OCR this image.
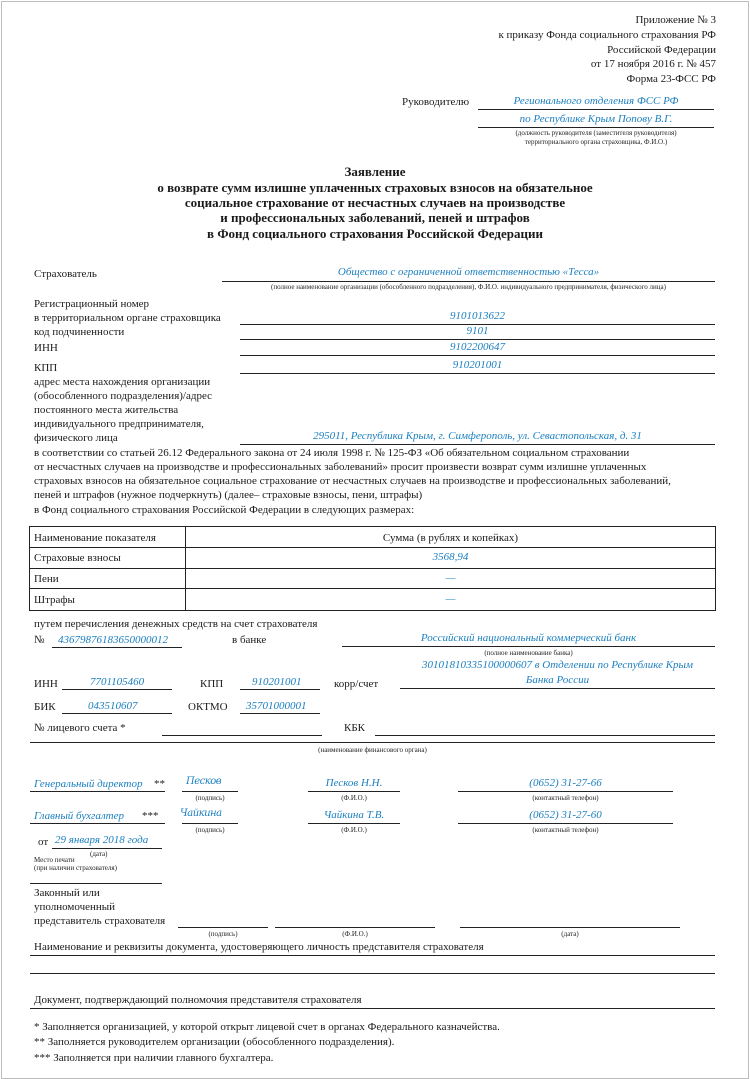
Приложение № 3
к приказу Фонда социального страхования РФ
Российской Федерации
от 17 ноября 2016 г. № 457
Форма 23-ФСС РФ
Руководителю	Регионального отделения ФСС РФ
по Республике Крым Попову В.Г.
(должность руководителя (заместителя руководителя)
территориального органа страховщика, Ф.И.О.)
Заявление
о возврате сумм излишне уплаченных страховых взносов на обязательное
социальное страхование от несчастных случаев на производстве
и профессиональных заболеваний, пеней и штрафов
в Фонд социального страхования Российской Федерации
Страхователь	Общество с ограниченной ответственностью «Тесса»
(полное наименование организации (обособленного подразделения), Ф.И.О. индивидуального предпринимателя, физического лица)
Регистрационный номер
в территориальном органе страховщика	9101013622
код подчиненности	9101
ИНН	9102200647
КПП	910201001
адрес места нахождения организации
(обособленного подразделения)/адрес
постоянного места жительства
индивидуального предпринимателя,
физического лица	295011, Республика Крым, г. Симферополь, ул. Севастопольская, д. 31
в соответствии со статьей 26.12 Федерального закона от 24 июля 1998 г. № 125-ФЗ «Об обязательном социальном страховании
от несчастных случаев на производстве и профессиональных заболеваний» просит произвести возврат сумм излишне уплаченных
страховых взносов на обязательное социальное страхование от несчастных случаев на производстве и профессиональных заболеваний,
пеней и штрафов (нужное подчеркнуть) (далее– страховые взносы, пени, штрафы)
в Фонд социального страхования Российской Федерации в следующих размерах:
Наименование показателя	Сумма (в рублях и копейках)
Страховые взносы	3568,94
Пени	—
Штрафы	—
путем перечисления денежных средств на счет страхователя
№ 43679876183650000012	в банке	Российский национальный коммерческий банк
(полное наименование банка)
ИНН	7701105460	КПП	910201001	корр/счет
30101810335100000607 в Отделении по Республике Крым
Банка России
БИК	043510607	ОКТМО 35701000001
№ лицевого счета *	КБК
(наименование финансового органа)
Генеральный директор ** Песков
(подпись)
Песков Н.Н.
(Ф.И.О.)
(0652) 31-27-66
(контактный телефон)
Главный бухгалтер *** Чайкина
(подпись)
Чайкина Т.В.
(Ф.И.О.)
(0652) 31-27-60
(контактный телефон)
от 29 января 2018 года
(дата)
Место печати
(при наличии страхователя)
Законный или
уполномоченный
представитель страхователя
(подпись)	(Ф.И.О.)	(дата)
Наименование и реквизиты документа, удостоверяющего личность представителя страхователя
Документ, подтверждающий полномочия представителя страхователя
* Заполняется организацией, у которой открыт лицевой счет в органах Федерального казначейства.
** Заполняется руководителем организации (обособленного подразделения).
*** Заполняется при наличии главного бухгалтера.
